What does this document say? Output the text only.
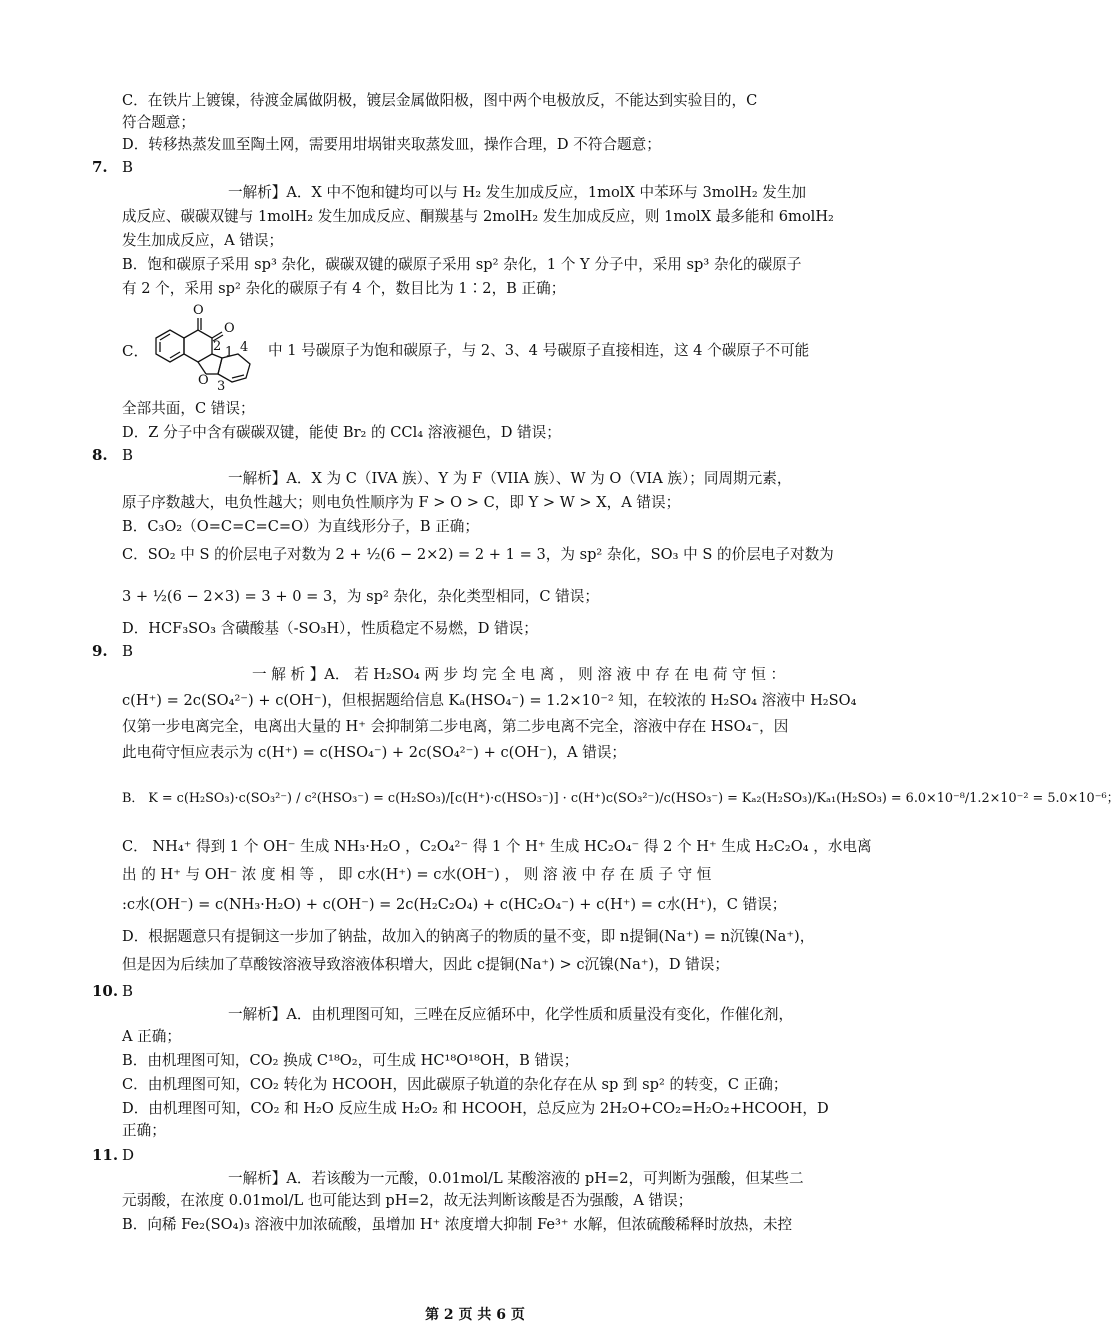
C．在铁片上镀镍，待渡金属做阴极，镀层金属做阳极，图中两个电极放反，不能达到实验目的，C
符合题意；
D．转移热蒸发皿至陶土网，需要用坩埚钳夹取蒸发皿，操作合理，D 不符合题意；
7. B
一解析】A．X 中不饱和键均可以与 H₂ 发生加成反应，1molX 中苯环与 3molH₂ 发生加
成反应、碳碳双键与 1molH₂ 发生加成反应、酮羰基与 2molH₂ 发生加成反应，则 1molX 最多能和 6molH₂
发生加成反应，A 错误；
B．饱和碳原子采用 sp³ 杂化，碳碳双键的碳原子采用 sp² 杂化，1 个 Y 分子中，采用 sp³ 杂化的碳原子
有 2 个，采用 sp² 杂化的碳原子有 4 个，数目比为 1∶2，B 正确；
C．
O
O
O
1
2
3
4 中 1 号碳原子为饱和碳原子，与 2、3、4 号碳原子直接相连，这 4 个碳原子不可能
全部共面，C 错误；
D．Z 分子中含有碳碳双键，能使 Br₂ 的 CCl₄ 溶液褪色，D 错误；
8. B
一解析】A．X 为 C（IVA 族）、Y 为 F（VIIA 族）、W 为 O（VIA 族）；同周期元素，
原子序数越大，电负性越大；则电负性顺序为 F > O > C，即 Y > W > X，A 错误；
B．C₃O₂（O=C=C=C=O）为直线形分子，B 正确；
C．SO₂ 中 S 的价层电子对数为 2 + ½(6 − 2×2) = 2 + 1 = 3，为 sp² 杂化，SO₃ 中 S 的价层电子对数为
3 + ½(6 − 2×3) = 3 + 0 = 3，为 sp² 杂化，杂化类型相同，C 错误；
D．HCF₃SO₃ 含磺酸基（-SO₃H），性质稳定不易燃，D 错误；
9. B
一 解 析 】A． 若 H₂SO₄ 两 步 均 完 全 电 离 ， 则 溶 液 中 存 在 电 荷 守 恒 ：
c(H⁺) = 2c(SO₄²⁻) + c(OH⁻)，但根据题给信息 Kₐ(HSO₄⁻) = 1.2×10⁻² 知，在较浓的 H₂SO₄ 溶液中 H₂SO₄
仅第一步电离完全，电离出大量的 H⁺ 会抑制第二步电离，第二步电离不完全，溶液中存在 HSO₄⁻，因
此电荷守恒应表示为 c(H⁺) = c(HSO₄⁻) + 2c(SO₄²⁻) + c(OH⁻)，A 错误；
B． K = c(H₂SO₃)·c(SO₃²⁻) / c²(HSO₃⁻) = c(H₂SO₃)/[c(H⁺)·c(HSO₃⁻)] · c(H⁺)c(SO₃²⁻)/c(HSO₃⁻) = Kₐ₂(H₂SO₃)/Kₐ₁(H₂SO₃) = 6.0×10⁻⁸/1.2×10⁻² = 5.0×10⁻⁶；
C． NH₄⁺ 得到 1 个 OH⁻ 生成 NH₃·H₂O ，C₂O₄²⁻ 得 1 个 H⁺ 生成 HC₂O₄⁻ 得 2 个 H⁺ 生成 H₂C₂O₄ ，水电离
出 的 H⁺ 与 OH⁻ 浓 度 相 等 ， 即 c水(H⁺) = c水(OH⁻) ， 则 溶 液 中 存 在 质 子 守 恒
:c水(OH⁻) = c(NH₃·H₂O) + c(OH⁻) = 2c(H₂C₂O₄) + c(HC₂O₄⁻) + c(H⁺) = c水(H⁺)，C 错误；
D．根据题意只有提铜这一步加了钠盐，故加入的钠离子的物质的量不变，即 n提铜(Na⁺) = n沉镍(Na⁺)，
但是因为后续加了草酸铵溶液导致溶液体积增大，因此 c提铜(Na⁺) > c沉镍(Na⁺)，D 错误；
10. B
一解析】A．由机理图可知，三唑在反应循环中，化学性质和质量没有变化，作催化剂，
A 正确；
B．由机理图可知，CO₂ 换成 C¹⁸O₂，可生成 HC¹⁸O¹⁸OH，B 错误；
C．由机理图可知，CO₂ 转化为 HCOOH，因此碳原子轨道的杂化存在从 sp 到 sp² 的转变，C 正确；
D．由机理图可知，CO₂ 和 H₂O 反应生成 H₂O₂ 和 HCOOH，总反应为 2H₂O+CO₂=H₂O₂+HCOOH，D
正确；
11. D
一解析】A．若该酸为一元酸，0.01mol/L 某酸溶液的 pH=2，可判断为强酸，但某些二
元弱酸，在浓度 0.01mol/L 也可能达到 pH=2，故无法判断该酸是否为强酸，A 错误；
B．向稀 Fe₂(SO₄)₃ 溶液中加浓硫酸，虽增加 H⁺ 浓度增大抑制 Fe³⁺ 水解，但浓硫酸稀释时放热，未控
第 2 页 共 6 页
